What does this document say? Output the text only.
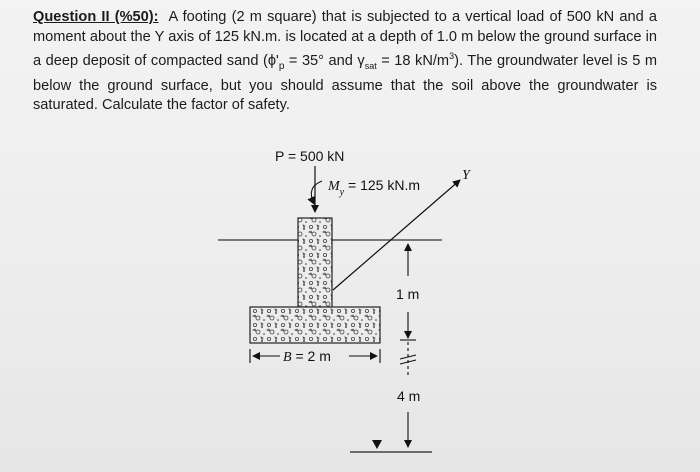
Question II (%50): A footing (2 m square) that is subjected to a vertical load of 500 kN and a moment about the Y axis of 125 kN.m. is located at a depth of 1.0 m below the ground surface in a deep deposit of compacted sand ($\phi'_p = 35^\circ$ and $\gamma_{sat} = 18$ $kN/m^3$). The groundwater level is 5 m below the ground surface, but you should assume that the soil above the groundwater is saturated. Calculate the factor of safety.
P = 500 kN
$M_y = 125$ kN.m
Y
1 m
4 m
B = 2 m
